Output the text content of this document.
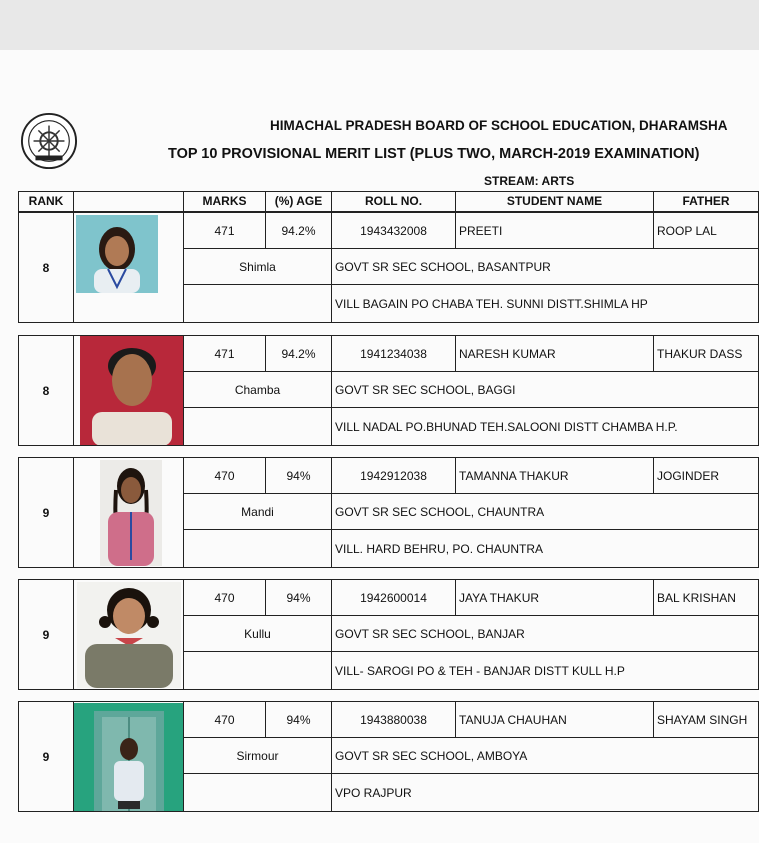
HIMACHAL PRADESH BOARD OF SCHOOL EDUCATION, DHARAMSHA
TOP 10 PROVISIONAL MERIT LIST (PLUS TWO, MARCH-2019 EXAMINATION)
STREAM: ARTS
RANK	MARKS	(%) AGE	ROLL NO.	STUDENT NAME	FATHER
8
471	94.2%	1943432008	PREETI	ROOP LAL
Shimla	GOVT SR SEC SCHOOL, BASANTPUR
VILL BAGAIN PO CHABA TEH. SUNNI DISTT.SHIMLA HP
8
471	94.2%	1941234038	NARESH KUMAR	THAKUR DASS
Chamba	GOVT SR SEC SCHOOL, BAGGI
VILL NADAL PO.BHUNAD TEH.SALOONI DISTT CHAMBA H.P.
9
470	94%	1942912038	TAMANNA THAKUR	JOGINDER
Mandi	GOVT SR SEC SCHOOL, CHAUNTRA
VILL. HARD BEHRU, PO. CHAUNTRA
9
470	94%	1942600014	JAYA THAKUR	BAL KRISHAN
Kullu	GOVT SR SEC SCHOOL, BANJAR
VILL- SAROGI PO & TEH - BANJAR DISTT KULL H.P
9
470	94%	1943880038	TANUJA CHAUHAN	SHAYAM SINGH
Sirmour	GOVT SR SEC SCHOOL, AMBOYA
VPO RAJPUR
